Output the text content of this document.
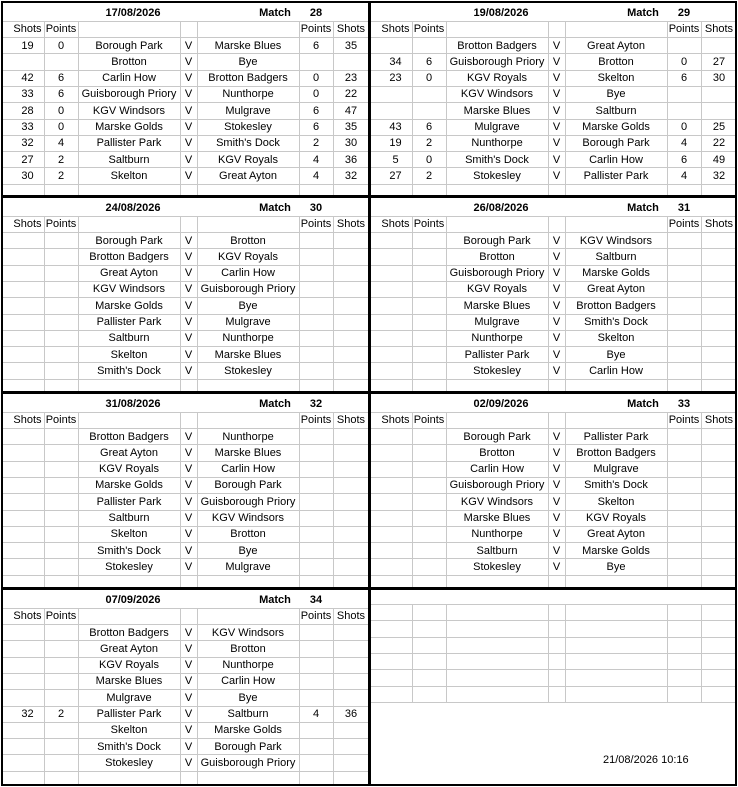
17/08/2026	Match	28
Shots Points	Points Shots
19	0	Borough Park	V	Marske Blues	6	35
Brotton	V	Bye
42	6	Carlin How	V	Brotton Badgers	0	23
33	6	Guisborough Priory V	Nunthorpe	0	22
28	0	KGV Windsors	V	Mulgrave	6	47
33	0	Marske Golds	V	Stokesley	6	35
32	4	Pallister Park	V	Smith's Dock	2	30
27	2	Saltburn	V	KGV Royals	4	36
30	2	Skelton	V	Great Ayton	4	32
19/08/2026	Match	29
Shots Points	Points Shots
Brotton Badgers	V	Great Ayton
34	6	Guisborough Priory V	Brotton	0	27
23	0	KGV Royals	V	Skelton	6	30
KGV Windsors	V	Bye
Marske Blues	V	Saltburn
43	6	Mulgrave	V	Marske Golds	0	25
19	2	Nunthorpe	V	Borough Park	4	22
5	0	Smith's Dock	V	Carlin How	6	49
27	2	Stokesley	V	Pallister Park	4	32
24/08/2026	Match	30
Shots Points	Points Shots
Borough Park	V	Brotton
Brotton Badgers	V	KGV Royals
Great Ayton	V	Carlin How
KGV Windsors	V Guisborough Priory
Marske Golds	V	Bye
Pallister Park	V	Mulgrave
Saltburn	V	Nunthorpe
Skelton	V	Marske Blues
Smith's Dock	V	Stokesley
26/08/2026	Match	31
Shots Points	Points Shots
Borough Park	V	KGV Windsors
Brotton	V	Saltburn
Guisborough Priory V	Marske Golds
KGV Royals	V	Great Ayton
Marske Blues	V	Brotton Badgers
Mulgrave	V	Smith's Dock
Nunthorpe	V	Skelton
Pallister Park	V	Bye
Stokesley	V	Carlin How
31/08/2026	Match	32
Shots Points	Points Shots
Brotton Badgers	V	Nunthorpe
Great Ayton	V	Marske Blues
KGV Royals	V	Carlin How
Marske Golds	V	Borough Park
Pallister Park	V Guisborough Priory
Saltburn	V	KGV Windsors
Skelton	V	Brotton
Smith's Dock	V	Bye
Stokesley	V	Mulgrave
02/09/2026	Match	33
Shots Points	Points Shots
Borough Park	V	Pallister Park
Brotton	V	Brotton Badgers
Carlin How	V	Mulgrave
Guisborough Priory V	Smith's Dock
KGV Windsors	V	Skelton
Marske Blues	V	KGV Royals
Nunthorpe	V	Great Ayton
Saltburn	V	Marske Golds
Stokesley	V	Bye
07/09/2026	Match	34
Shots Points	Points Shots
Brotton Badgers	V	KGV Windsors
Great Ayton	V	Brotton
KGV Royals	V	Nunthorpe
Marske Blues	V	Carlin How
Mulgrave	V	Bye
32	2	Pallister Park	V	Saltburn	4	36
Skelton	V	Marske Golds
Smith's Dock	V	Borough Park
Stokesley	V Guisborough Priory	21/08/2026 10:16
